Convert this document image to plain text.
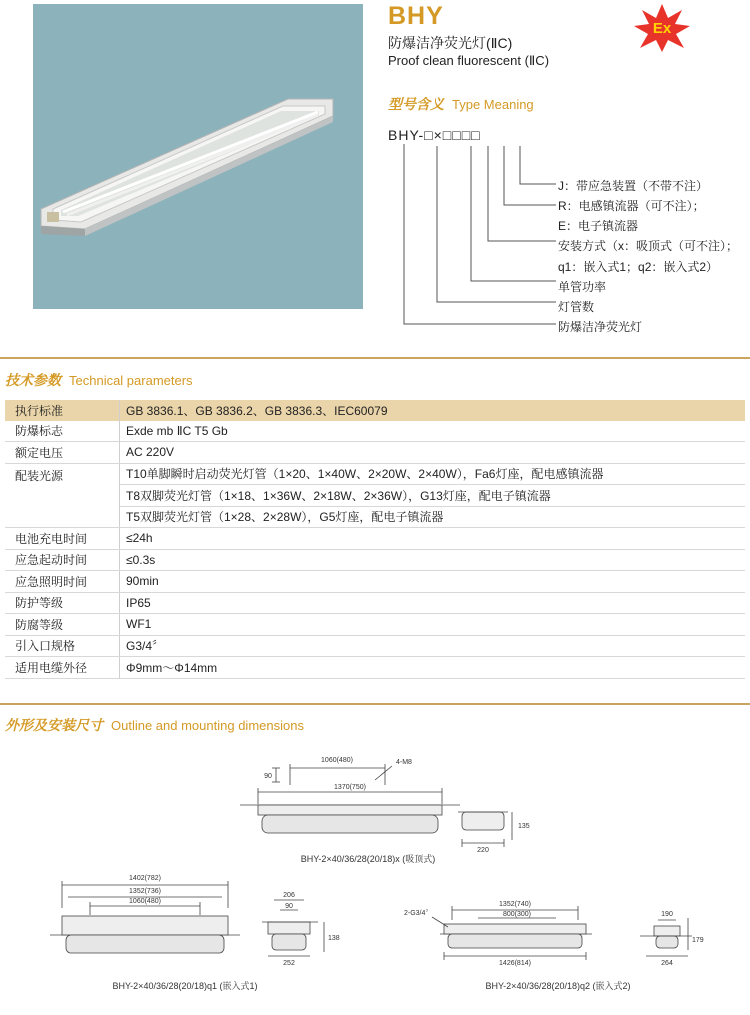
BHY
防爆洁净荧光灯(ⅡC)
Proof clean fluorescent (ⅡC)
Ex
型号含义 Type Meaning
BHY-□×□□□□
J：带应急装置（不带不注）
R：电感镇流器（可不注）；
E：电子镇流器
安装方式（x：吸顶式（可不注）；
q1：嵌入式1；q2：嵌入式2）
单管功率
灯管数
防爆洁净荧光灯
技术参数 Technical parameters
执行标准	GB 3836.1、GB 3836.2、GB 3836.3、IEC60079
防爆标志	Exde mb ⅡC T5 Gb
额定电压	AC 220V
配装光源	T10单脚瞬时启动荧光灯管（1×20、1×40W、2×20W、2×40W），Fa6灯座，配电感镇流器
	T8双脚荧光灯管（1×18、1×36W、2×18W、2×36W），G13灯座，配电子镇流器
	T5双脚荧光灯管（1×28、2×28W），G5灯座，配电子镇流器
电池充电时间	≤24h
应急起动时间	≤0.3s
应急照明时间	90min
防护等级	IP65
防腐等级	WF1
引入口规格	G3/4〞
适用电缆外径	Φ9mm～Φ14mm
外形及安装尺寸 Outline and mounting dimensions
1060(480)	4-M8
90
1370(750)
135
220
BHY-2×40/36/28(20/18)x (吸顶式)
1402(782)
1352(736)
1060(480)
206
90
138
252
BHY-2×40/36/28(20/18)q1 (嵌入式1)
1352(740)
800(300)
2-G3/4〞
1426(814)
190
179
264
BHY-2×40/36/28(20/18)q2 (嵌入式2)
